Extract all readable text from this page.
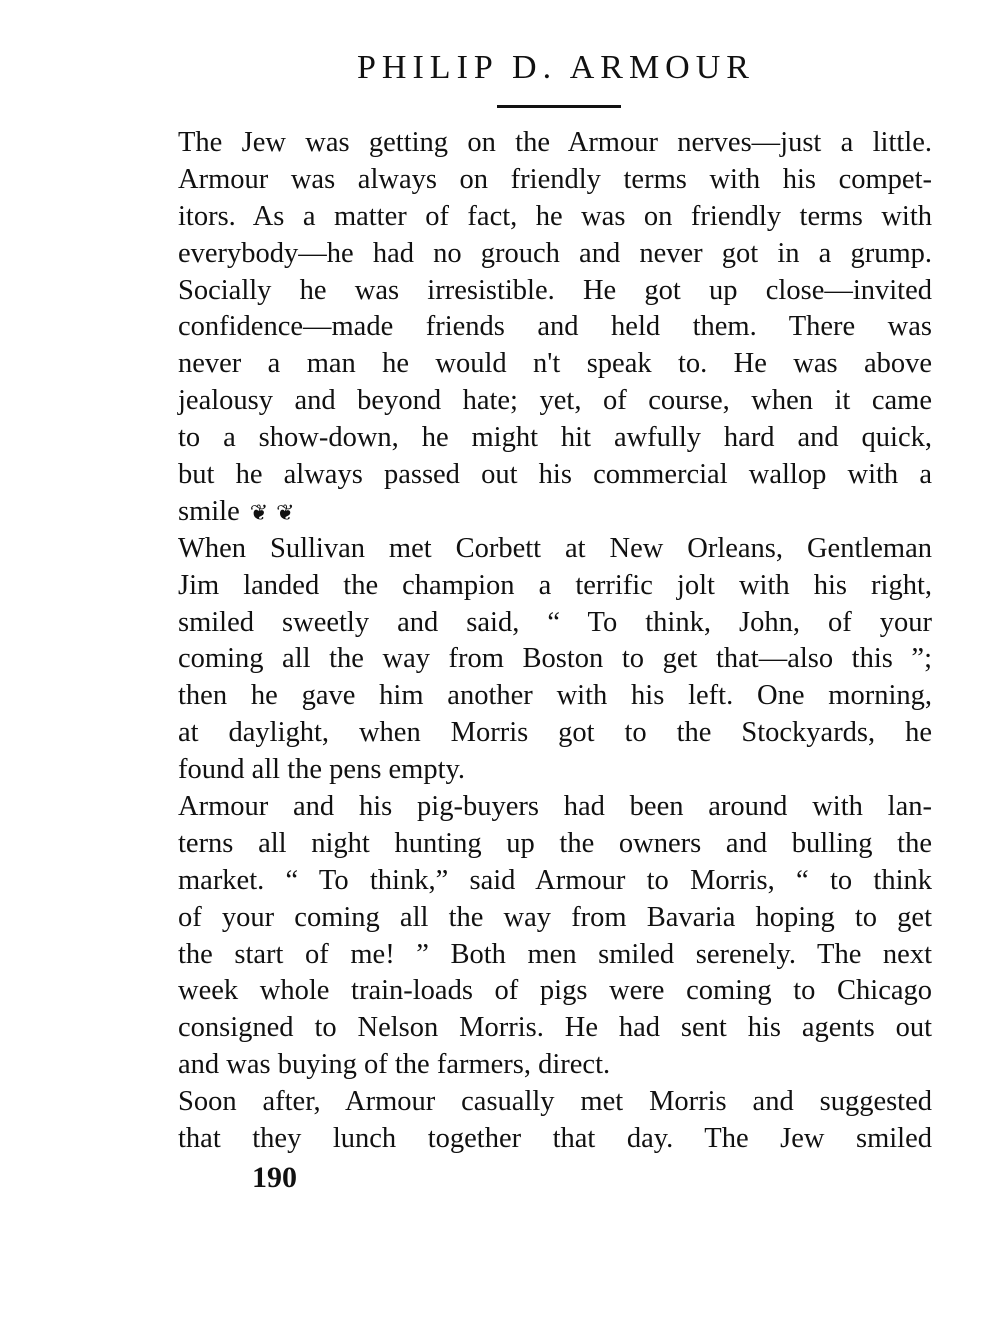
PHILIP D. ARMOUR
The Jew was getting on the Armour nerves—just a little.
Armour was always on friendly terms with his compet-
itors. As a matter of fact, he was on friendly terms with
everybody—he had no grouch and never got in a grump.
Socially he was irresistible. He got up close—invited
confidence—made friends and held them. There was
never a man he would n't speak to. He was above
jealousy and beyond hate; yet, of course, when it came
to a show-down, he might hit awfully hard and quick,
but he always passed out his commercial wallop with a
smile ❦❦
When Sullivan met Corbett at New Orleans, Gentleman
Jim landed the champion a terrific jolt with his right,
smiled sweetly and said, “ To think, John, of your
coming all the way from Boston to get that—also this ”;
then he gave him another with his left. One morning,
at daylight, when Morris got to the Stockyards, he
found all the pens empty.
Armour and his pig-buyers had been around with lan-
terns all night hunting up the owners and bulling the
market. “ To think,” said Armour to Morris, “ to think
of your coming all the way from Bavaria hoping to get
the start of me! ” Both men smiled serenely. The next
week whole train-loads of pigs were coming to Chicago
consigned to Nelson Morris. He had sent his agents out
and was buying of the farmers, direct.
Soon after, Armour casually met Morris and suggested
that they lunch together that day. The Jew smiled
190
